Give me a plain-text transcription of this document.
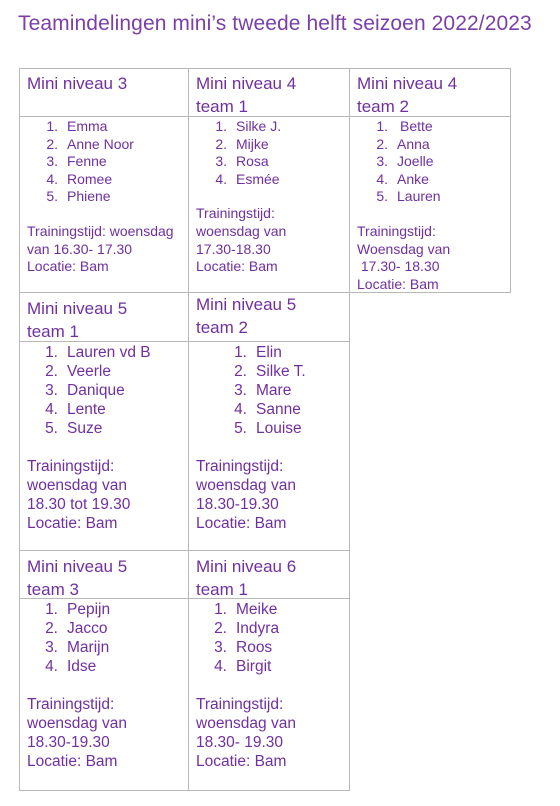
Teamindelingen mini’s tweede helft seizoen 2022/2023
Mini niveau 3
1. Emma
2. Anne Noor
3. Fenne
4. Romee
5. Phiene
Trainingstijd: woensdag
van 16.30- 17.30
Locatie: Bam
Mini niveau 4
team 1
1. Silke J.
2. Mijke
3. Rosa
4. Esmée
Trainingstijd:
woensdag van
17.30-18.30
Locatie: Bam
Mini niveau 4
team 2
1. Bette
2. Anna
3. Joelle
4. Anke
5. Lauren
Trainingstijd:
Woensdag van
17.30- 18.30
Locatie: Bam
Mini niveau 5
team 1
1. Lauren vd B
2. Veerle
3. Danique
4. Lente
5. Suze
Trainingstijd:
woensdag van
18.30 tot 19.30
Locatie: Bam
Mini niveau 5
team 2
1. Elin
2. Silke T.
3. Mare
4. Sanne
5. Louise
Trainingstijd:
woensdag van
18.30-19.30
Locatie: Bam
Mini niveau 5
team 3
1. Pepijn
2. Jacco
3. Marijn
4. Idse
Trainingstijd:
woensdag van
18.30-19.30
Locatie: Bam
Mini niveau 6
team 1
1. Meike
2. Indyra
3. Roos
4. Birgit
Trainingstijd:
woensdag van
18.30- 19.30
Locatie: Bam
